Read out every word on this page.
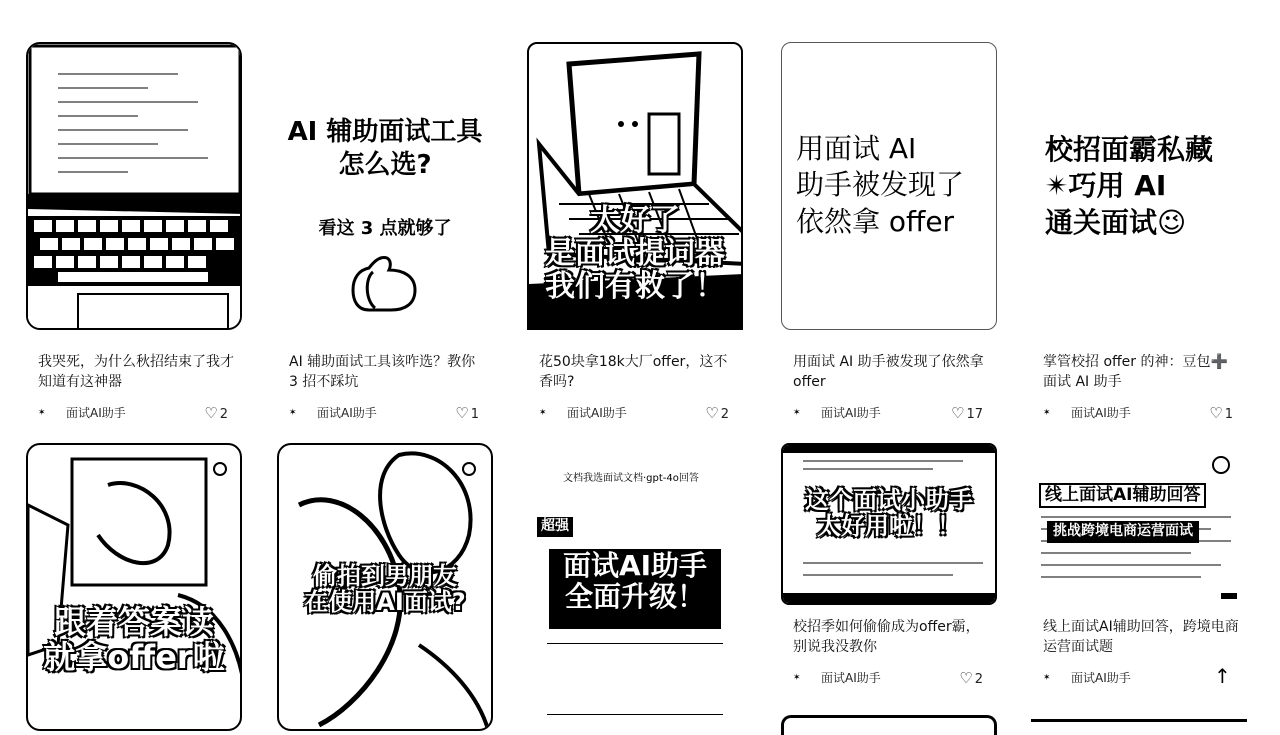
我哭死，为什么秋招结束了我才知道有这神器
✶ 面试AI助手	♡ 2
AI 辅助面试工具
怎么选?
看这 3 点就够了
AI 辅助面试工具该咋选？教你 3 招不踩坑
✶ 面试AI助手	♡ 1
太好了
是面试提词器
我们有救了！
花50块拿18k大厂offer，这不香吗?
✶ 面试AI助手	♡ 2
用面试 AI
助手被发现了
依然拿 offer
用面试 AI 助手被发现了依然拿 offer
✶ 面试AI助手	♡ 17
校招面霸私藏
✴巧用 AI
通关面试😉
掌管校招 offer 的神：豆包➕面试 AI 助手
✶ 面试AI助手	♡ 1
跟着答案读
就拿offer啦
偷拍到男朋友
在使用AI面试?
文档我选面试文档·gpt-4o回答
超强
面试AI助手
全面升级！
这个面试小助手
太好用啦！！
校招季如何偷偷成为offer霸，别说我没教你
✶ 面试AI助手	♡ 2
线上面试AI辅助回答
挑战跨境电商运营面试
线上面试AI辅助回答，跨境电商运营面试题
✶ 面试AI助手	↑
